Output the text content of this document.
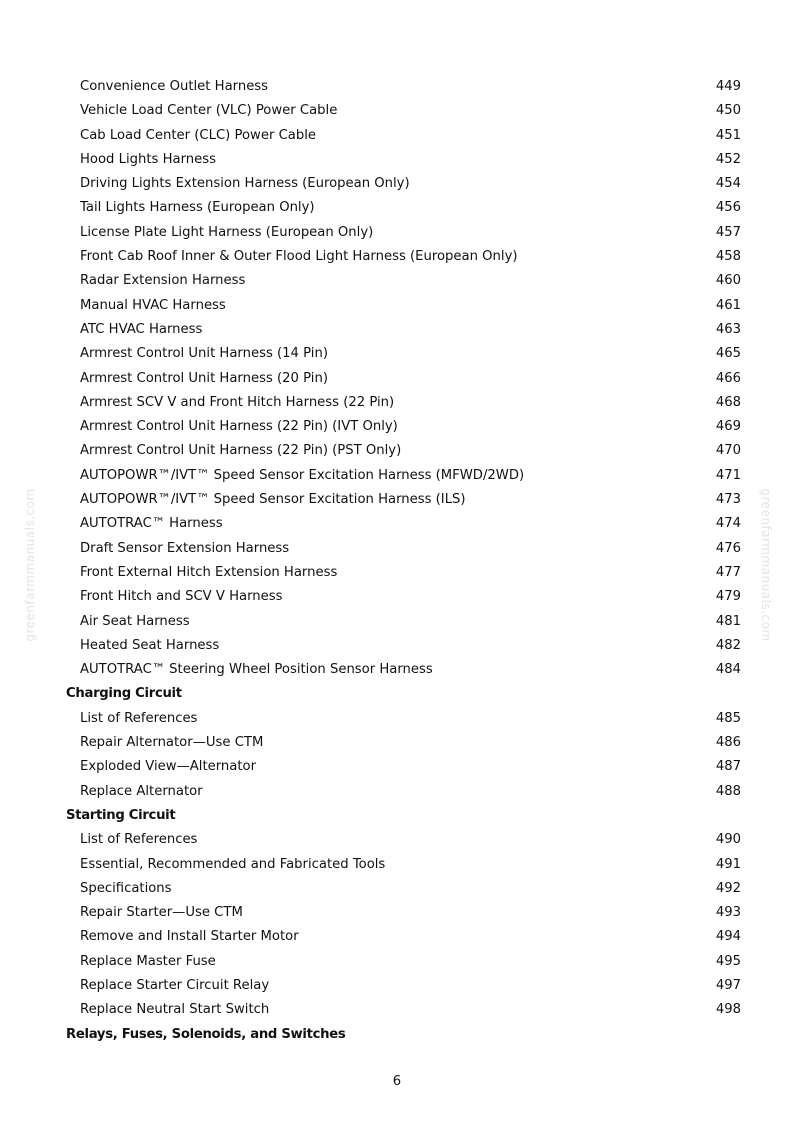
Convenience Outlet Harness	449
Vehicle Load Center (VLC) Power Cable	450
Cab Load Center (CLC) Power Cable	451
Hood Lights Harness	452
Driving Lights Extension Harness (European Only)	454
Tail Lights Harness (European Only)	456
License Plate Light Harness (European Only)	457
Front Cab Roof Inner & Outer Flood Light Harness (European Only)	458
Radar Extension Harness	460
Manual HVAC Harness	461
ATC HVAC Harness	463
Armrest Control Unit Harness (14 Pin)	465
Armrest Control Unit Harness (20 Pin)	466
Armrest SCV V and Front Hitch Harness (22 Pin)	468
Armrest Control Unit Harness (22 Pin) (IVT Only)	469
Armrest Control Unit Harness (22 Pin) (PST Only)	470
AUTOPOWR™/IVT™ Speed Sensor Excitation Harness (MFWD/2WD)	471
AUTOPOWR™/IVT™ Speed Sensor Excitation Harness (ILS)	473
AUTOTRAC™ Harness	474
Draft Sensor Extension Harness	476
Front External Hitch Extension Harness	477
Front Hitch and SCV V Harness	479
Air Seat Harness	481
Heated Seat Harness	482
AUTOTRAC™ Steering Wheel Position Sensor Harness	484
Charging Circuit
List of References	485
Repair Alternator—Use CTM	486
Exploded View—Alternator	487
Replace Alternator	488
Starting Circuit
List of References	490
Essential, Recommended and Fabricated Tools	491
Specifications	492
Repair Starter—Use CTM	493
Remove and Install Starter Motor	494
Replace Master Fuse	495
Replace Starter Circuit Relay	497
Replace Neutral Start Switch	498
Relays, Fuses, Solenoids, and Switches
greenfarmmanuals.com	greenfarmmanuals.com
6
